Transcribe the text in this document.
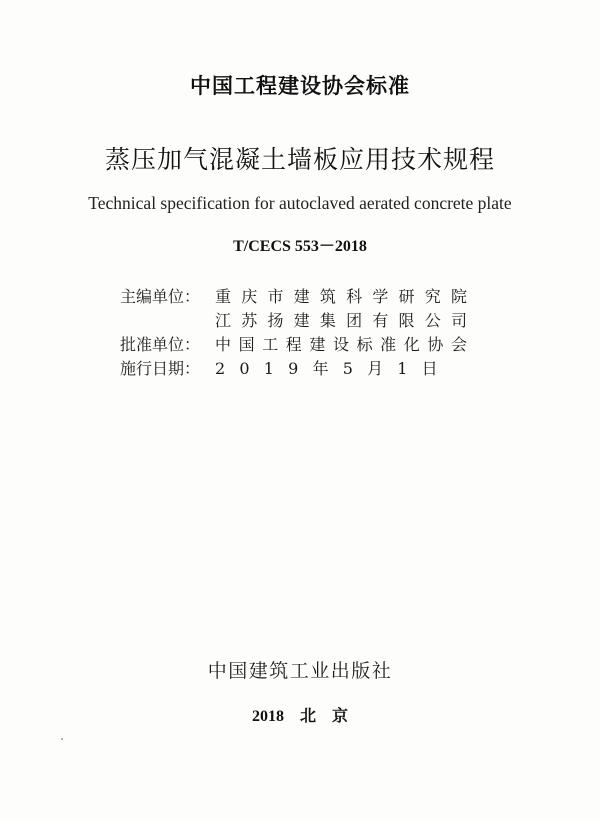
中国工程建设协会标准
蒸压加气混凝土墙板应用技术规程
Technical specification for autoclaved aerated concrete plate
T/CECS 553－2018
主编单位： 重 庆 市 建 筑 科 学 研 究 院
江 苏 扬 建 集 团 有 限 公 司
批准单位： 中 国 工 程 建 设 标 准 化 协 会
施行日期： 2 0 1 9 年 5 月 1 日
中国建筑工业出版社
2018　北　京
